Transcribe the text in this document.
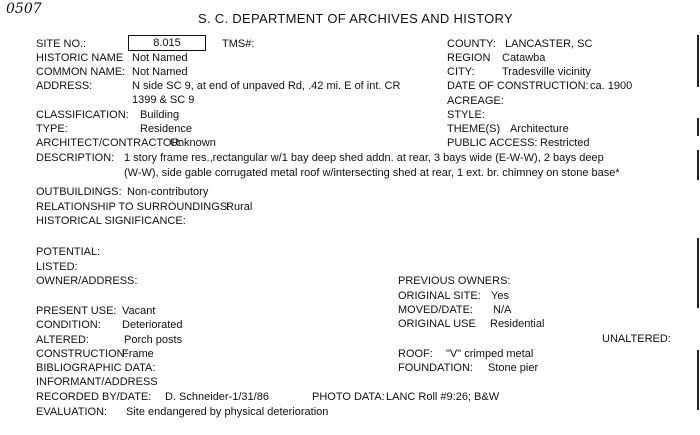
0507
S. C. DEPARTMENT OF ARCHIVES AND HISTORY
SITE NO.:	8.015	TMS#:
HISTORIC NAME Not Named
COMMON NAME: Not Named
ADDRESS:	N side SC 9, at end of unpaved Rd, .42 mi. E of int. CR
1399 & SC 9
CLASSIFICATION: Building
TYPE:	Residence
ARCHITECT/CONTRACTOR:
Unknown
DESCRIPTION: 1 story frame res.,rectangular w/1 bay deep shed addn. at rear, 3 bays wide (E-W-W), 2 bays deep
(W-W), side gable corrugated metal roof w/intersecting shed at rear, 1 ext. br. chimney on stone base*
OUTBUILDINGS: Non-contributory
RELATIONSHIP TO SURROUNDINGS:
Rural
HISTORICAL SIGNIFICANCE:
POTENTIAL:
LISTED:
OWNER/ADDRESS:
PRESENT USE: Vacant
CONDITION: Deteriorated
ALTERED:	Porch posts
CONSTRUCTION:
Frame
BIBLIOGRAPHIC DATA:
INFORMANT/ADDRESS
RECORDED BY/DATE: D. Schneider-1/31/86	PHOTO DATA: LANC Roll #9:26; B&W
EVALUATION: Site endangered by physical deterioration
COUNTY: LANCASTER, SC
REGION Catawba
CITY: Tradesville vicinity
DATE OF CONSTRUCTION: ca. 1900
ACREAGE:
STYLE:
THEME(S) Architecture
PUBLIC ACCESS: Restricted
PREVIOUS OWNERS:
ORIGINAL SITE: Yes
MOVED/DATE: N/A
ORIGINAL USE Residential
UNALTERED:
ROOF: "V" crimped metal
FOUNDATION: Stone pier
